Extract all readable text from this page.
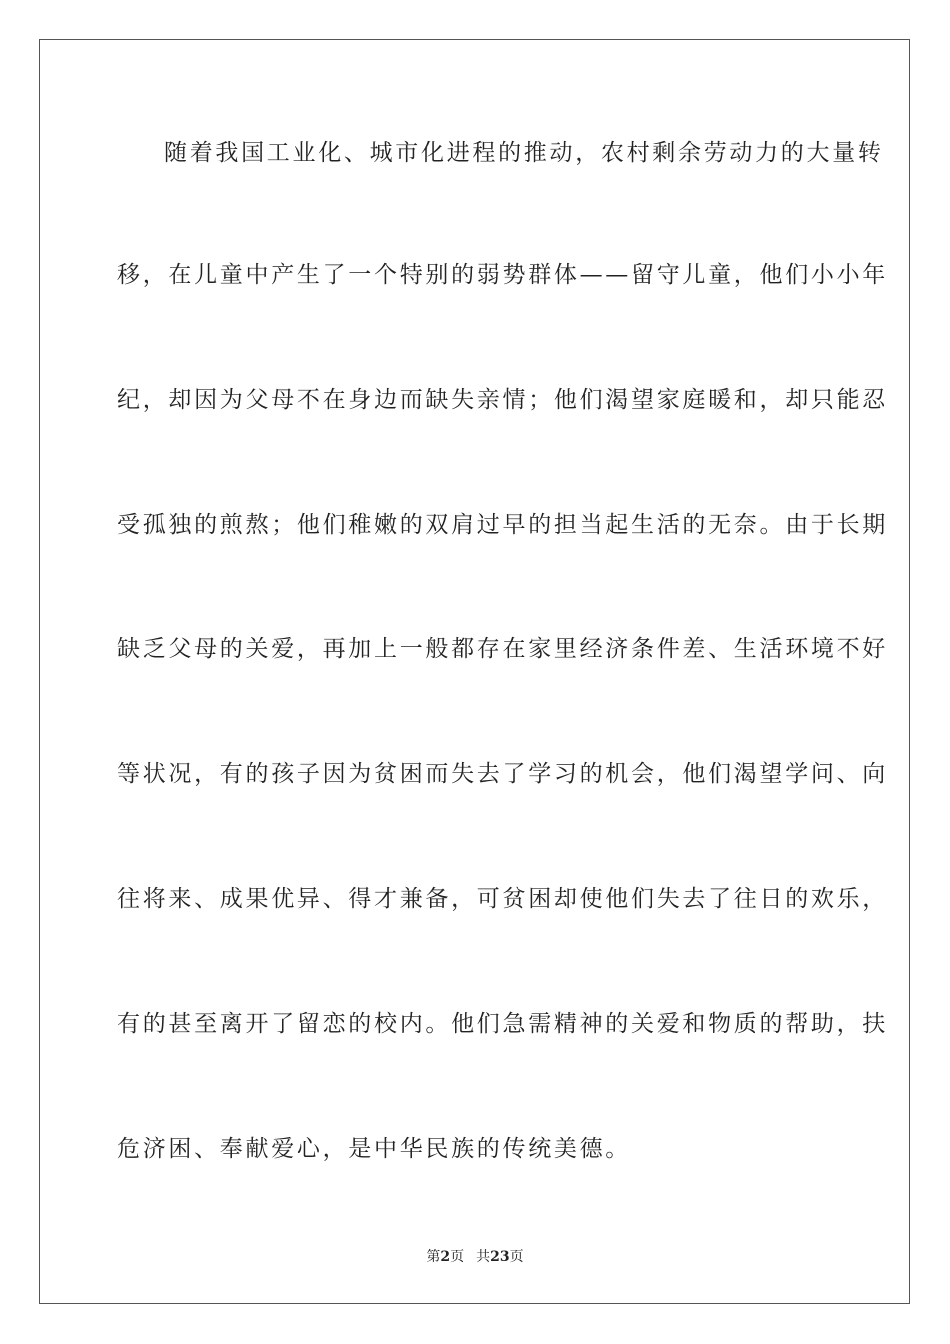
随着我国工业化、城市化进程的推动，农村剩余劳动力的大量转
移，在儿童中产生了一个特别的弱势群体——留守儿童，他们小小年
纪，却因为父母不在身边而缺失亲情；他们渴望家庭暖和，却只能忍
受孤独的煎熬；他们稚嫩的双肩过早的担当起生活的无奈。由于长期
缺乏父母的关爱，再加上一般都存在家里经济条件差、生活环境不好
等状况，有的孩子因为贫困而失去了学习的机会，他们渴望学问、向
往将来、成果优异、得才兼备，可贫困却使他们失去了往日的欢乐，
有的甚至离开了留恋的校内。他们急需精神的关爱和物质的帮助，扶
危济困、奉献爱心，是中华民族的传统美德。
第2页 共23页
